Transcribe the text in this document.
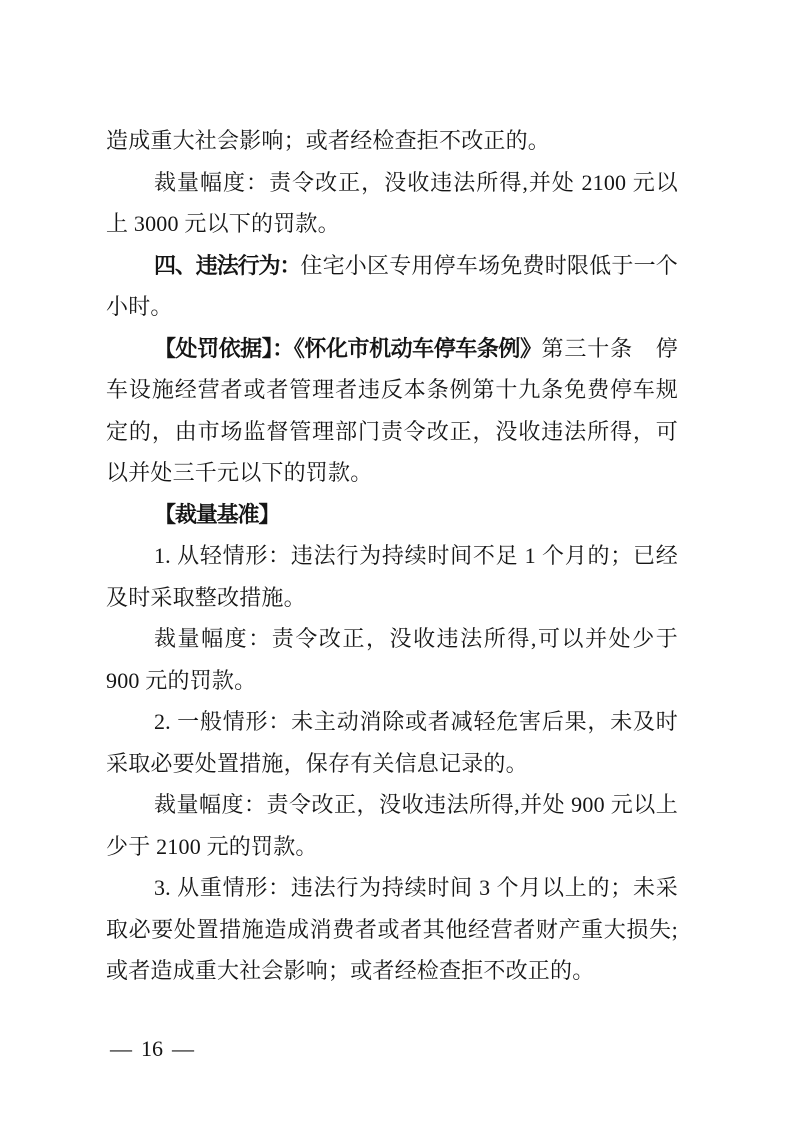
造成重大社会影响；或者经检查拒不改正的。

裁量幅度：责令改正，没收违法所得,并处 2100 元以上 3000 元以下的罚款。

四、违法行为：住宅小区专用停车场免费时限低于一个小时。

【处罚依据】：《怀化市机动车停车条例》第三十条　停车设施经营者或者管理者违反本条例第十九条免费停车规定的，由市场监督管理部门责令改正，没收违法所得，可以并处三千元以下的罚款。

【裁量基准】

1. 从轻情形：违法行为持续时间不足 1 个月的；已经及时采取整改措施。

裁量幅度：责令改正，没收违法所得,可以并处少于 900 元的罚款。

2. 一般情形：未主动消除或者减轻危害后果，未及时采取必要处置措施，保存有关信息记录的。

裁量幅度：责令改正，没收违法所得,并处 900 元以上少于 2100 元的罚款。

3. 从重情形：违法行为持续时间 3 个月以上的；未采取必要处置措施造成消费者或者其他经营者财产重大损失;或者造成重大社会影响；或者经检查拒不改正的。

— 16 —
